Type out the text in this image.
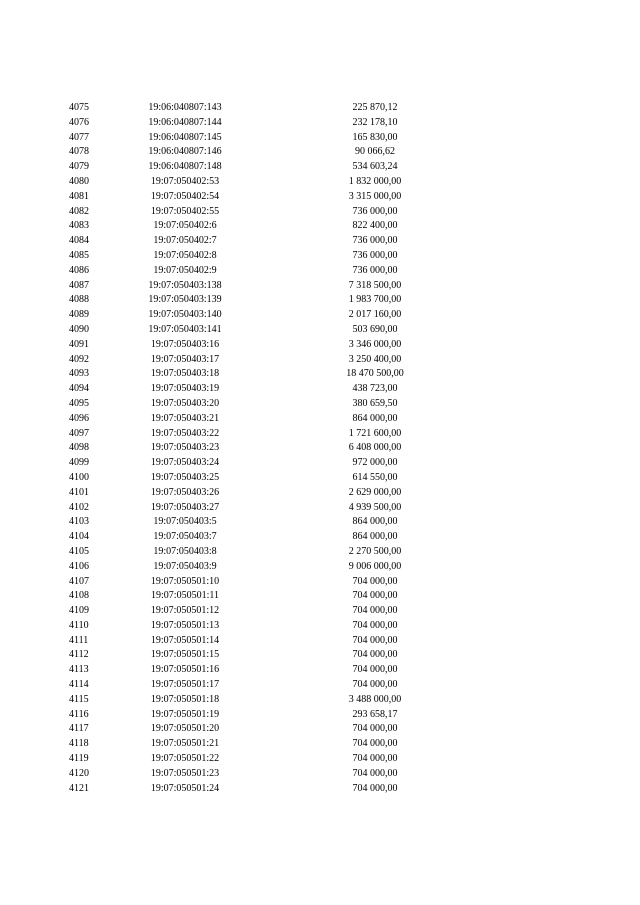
4075	19:06:040807:143	225 870,12
4076	19:06:040807:144	232 178,10
4077	19:06:040807:145	165 830,00
4078	19:06:040807:146	90 066,62
4079	19:06:040807:148	534 603,24
4080	19:07:050402:53	1 832 000,00
4081	19:07:050402:54	3 315 000,00
4082	19:07:050402:55	736 000,00
4083	19:07:050402:6	822 400,00
4084	19:07:050402:7	736 000,00
4085	19:07:050402:8	736 000,00
4086	19:07:050402:9	736 000,00
4087	19:07:050403:138	7 318 500,00
4088	19:07:050403:139	1 983 700,00
4089	19:07:050403:140	2 017 160,00
4090	19:07:050403:141	503 690,00
4091	19:07:050403:16	3 346 000,00
4092	19:07:050403:17	3 250 400,00
4093	19:07:050403:18	18 470 500,00
4094	19:07:050403:19	438 723,00
4095	19:07:050403:20	380 659,50
4096	19:07:050403:21	864 000,00
4097	19:07:050403:22	1 721 600,00
4098	19:07:050403:23	6 408 000,00
4099	19:07:050403:24	972 000,00
4100	19:07:050403:25	614 550,00
4101	19:07:050403:26	2 629 000,00
4102	19:07:050403:27	4 939 500,00
4103	19:07:050403:5	864 000,00
4104	19:07:050403:7	864 000,00
4105	19:07:050403:8	2 270 500,00
4106	19:07:050403:9	9 006 000,00
4107	19:07:050501:10	704 000,00
4108	19:07:050501:11	704 000,00
4109	19:07:050501:12	704 000,00
4110	19:07:050501:13	704 000,00
4111	19:07:050501:14	704 000,00
4112	19:07:050501:15	704 000,00
4113	19:07:050501:16	704 000,00
4114	19:07:050501:17	704 000,00
4115	19:07:050501:18	3 488 000,00
4116	19:07:050501:19	293 658,17
4117	19:07:050501:20	704 000,00
4118	19:07:050501:21	704 000,00
4119	19:07:050501:22	704 000,00
4120	19:07:050501:23	704 000,00
4121	19:07:050501:24	704 000,00
